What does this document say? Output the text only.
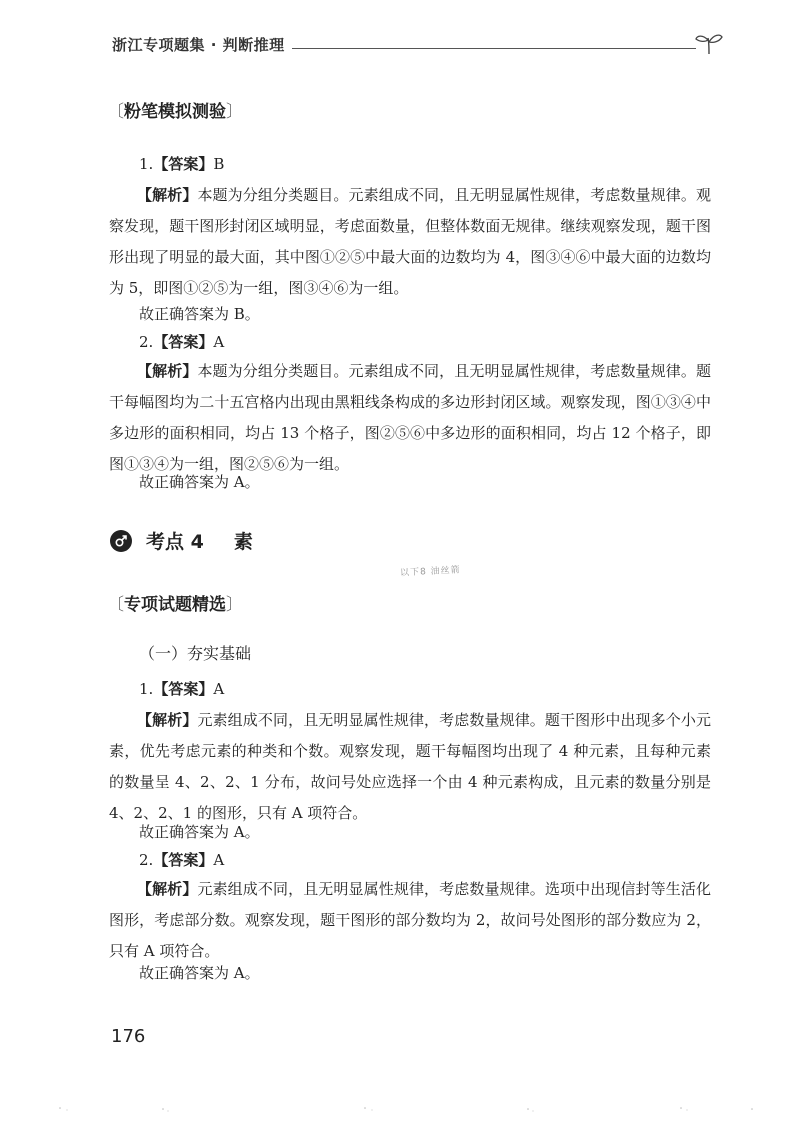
浙江专项题集 · 判断推理
〔粉笔模拟测验〕
1.【答案】B
【解析】本题为分组分类题目。元素组成不同，且无明显属性规律，考虑数量规律。观察发现，题干图形封闭区域明显，考虑面数量，但整体数面无规律。继续观察发现，题干图形出现了明显的最大面，其中图①②⑤中最大面的边数均为 4，图③④⑥中最大面的边数均为 5，即图①②⑤为一组，图③④⑥为一组。
故正确答案为 B。
2.【答案】A
【解析】本题为分组分类题目。元素组成不同，且无明显属性规律，考虑数量规律。题干每幅图均为二十五宫格内出现由黑粗线条构成的多边形封闭区域。观察发现，图①③④中多边形的面积相同，均占 13 个格子，图②⑤⑥中多边形的面积相同，均占 12 个格子，即图①③④为一组，图②⑤⑥为一组。
故正确答案为 A。
考点 4 素
以下8 油丝箭
〔专项试题精选〕
（一）夯实基础
1.【答案】A
【解析】元素组成不同，且无明显属性规律，考虑数量规律。题干图形中出现多个小元素，优先考虑元素的种类和个数。观察发现，题干每幅图均出现了 4 种元素，且每种元素的数量呈 4、2、2、1 分布，故问号处应选择一个由 4 种元素构成，且元素的数量分别是 4、2、2、1 的图形，只有 A 项符合。
故正确答案为 A。
2.【答案】A
【解析】元素组成不同，且无明显属性规律，考虑数量规律。选项中出现信封等生活化图形，考虑部分数。观察发现，题干图形的部分数均为 2，故问号处图形的部分数应为 2，只有 A 项符合。
故正确答案为 A。
176
